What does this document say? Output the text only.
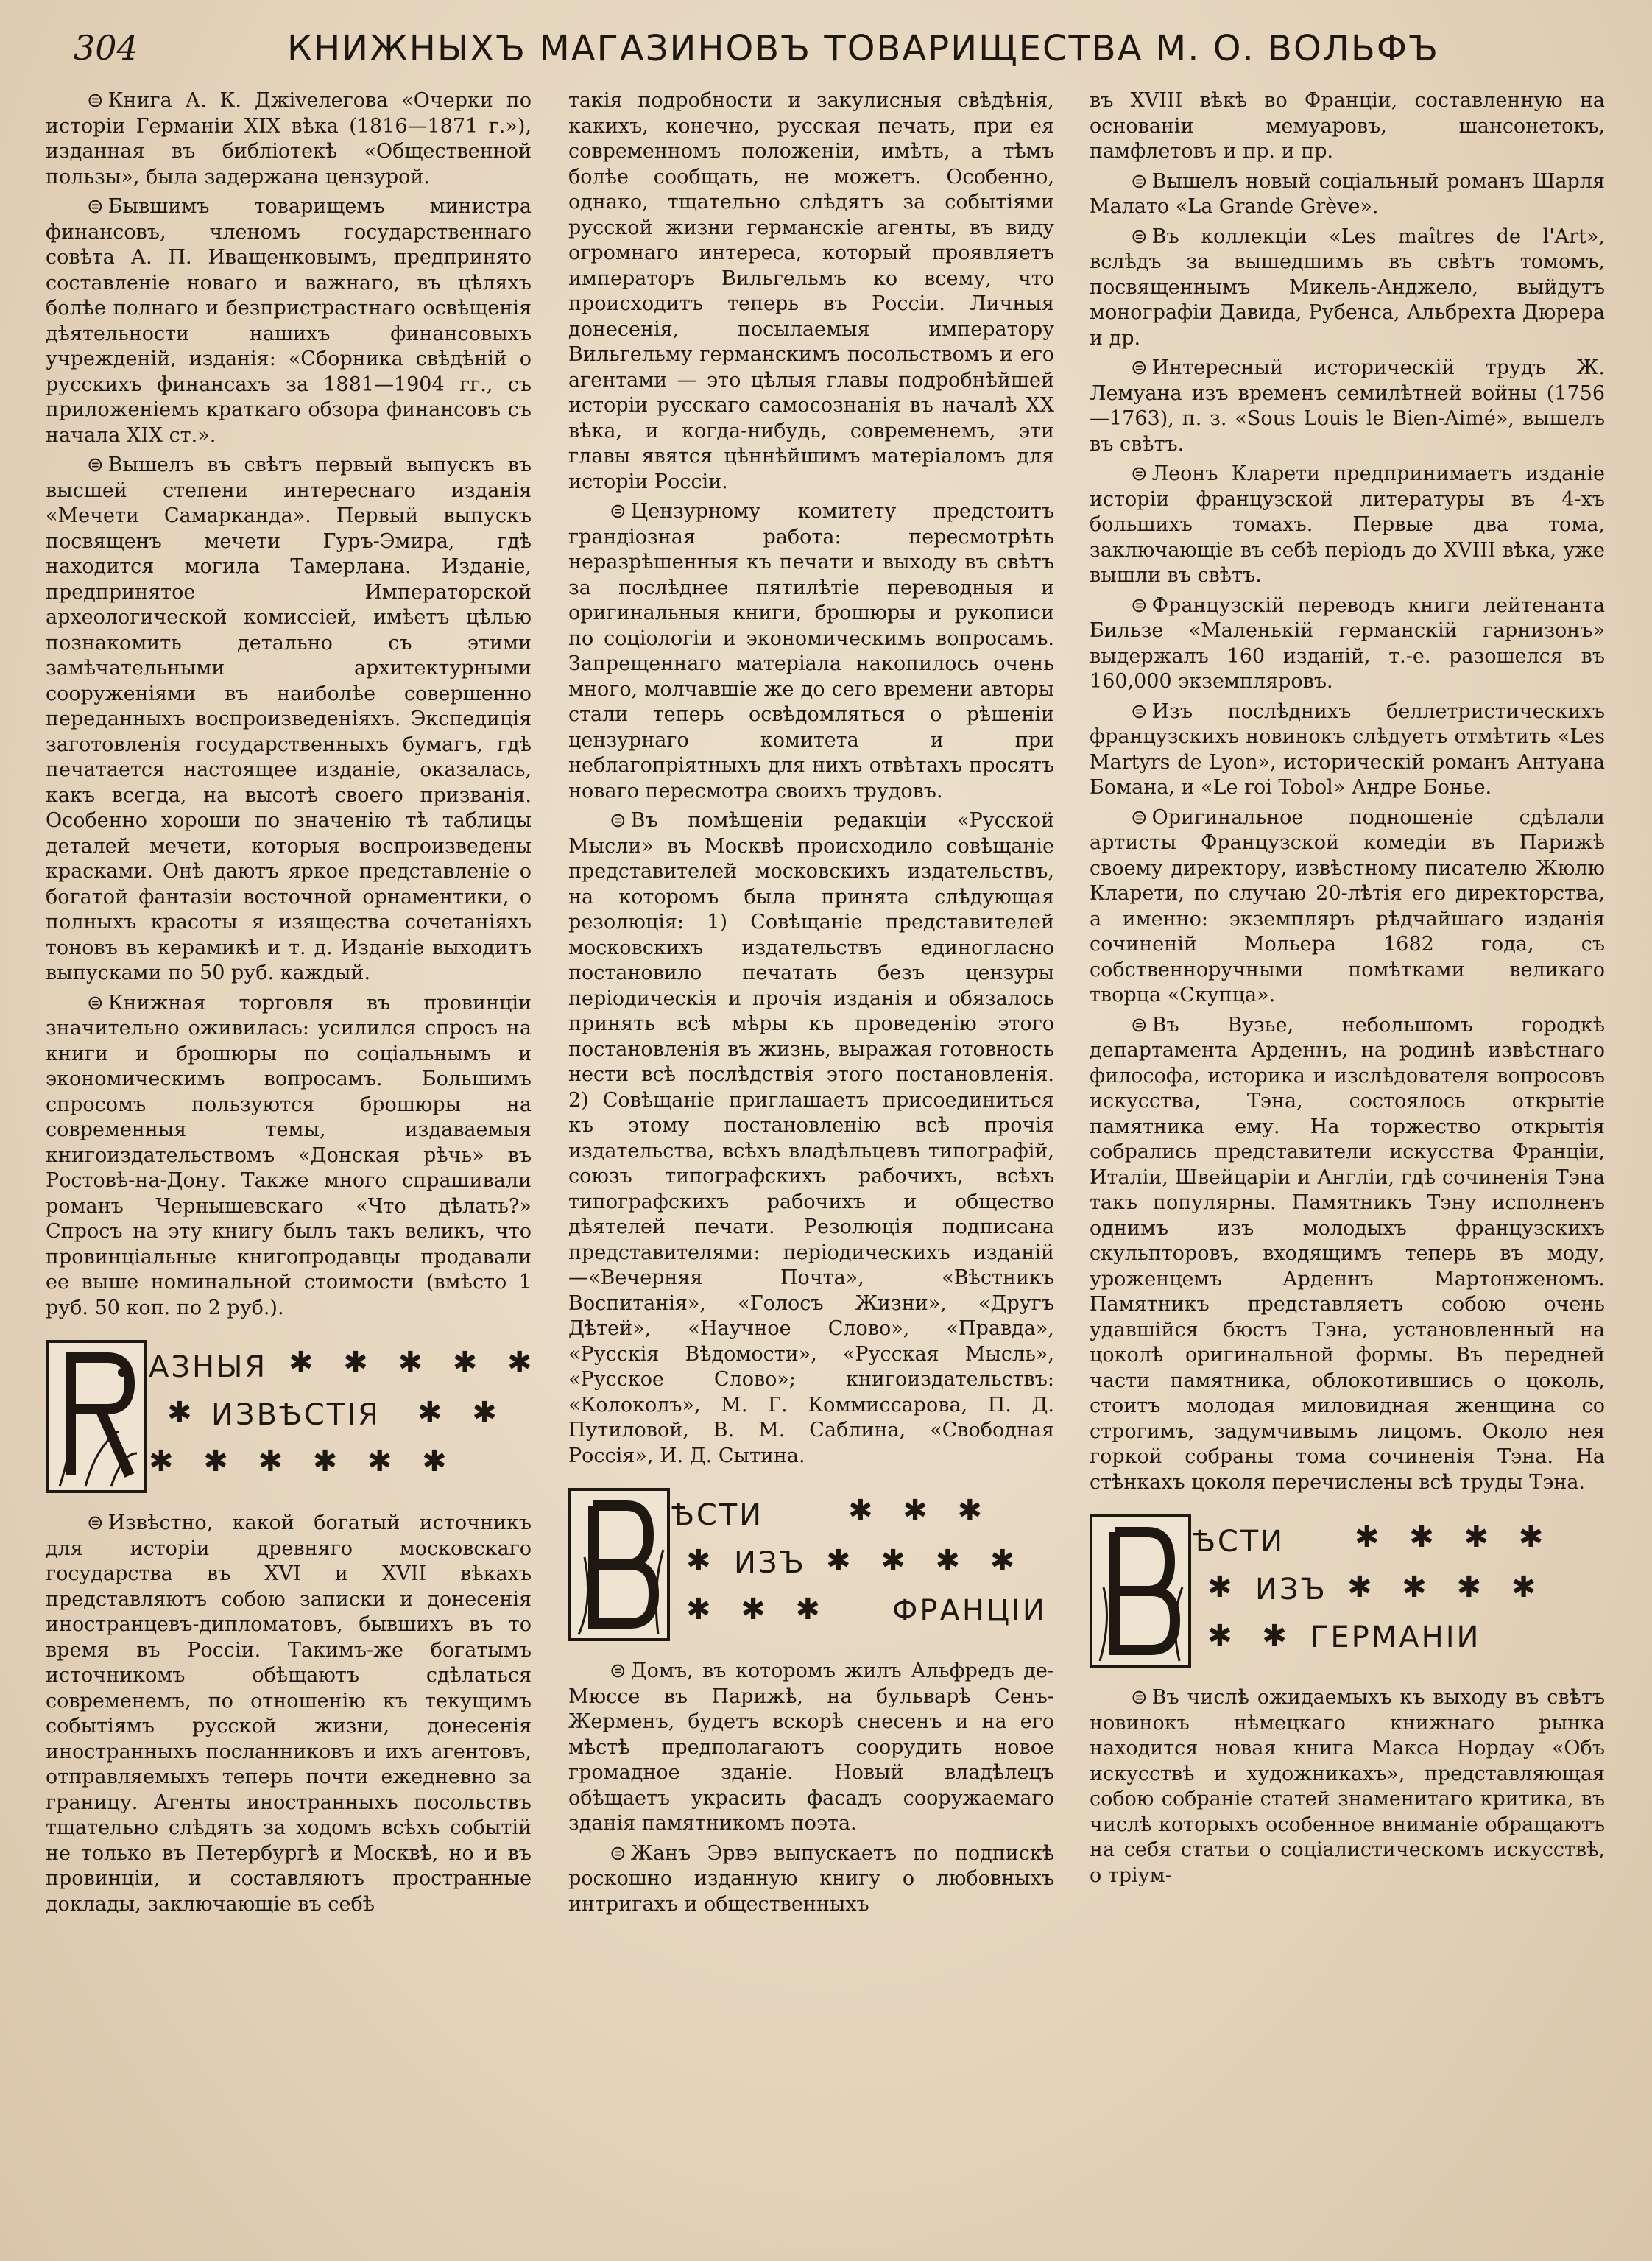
304	КНИЖНЫХЪ МАГАЗИНОВЪ ТОВАРИЩЕСТВА М. О. ВОЛЬФЪ

⊜ Книга А. К. Джivелегова «Очерки по исторіи Германіи XIX вѣка (1816—1871 г.»), изданная въ библіотекѣ «Общественной пользы», была задержана цензурой.

⊜ Бывшимъ товарищемъ министра финансовъ, членомъ государственнаго совѣта А. П. Иващенковымъ, предпринято составленіе новаго и важнаго, въ цѣляхъ болѣе полнаго и безпристрастнаго освѣщенія дѣятельности нашихъ финансовыхъ учрежденій, изданія: «Сборника свѣдѣній о русскихъ финансахъ за 1881—1904 гг., съ приложеніемъ краткаго обзора финансовъ съ начала XIX ст.».

⊜ Вышелъ въ свѣтъ первый выпускъ въ высшей степени интереснаго изданія «Мечети Самарканда». Первый выпускъ посвященъ мечети Гуръ-Эмира, гдѣ находится могила Тамерлана. Изданіе, предпринятое Императорской археологической комиссіей, имѣетъ цѣлью познакомить детально съ этими замѣчательными архитектурными сооруженіями въ наиболѣе совершенно переданныхъ воспроизведеніяхъ. Экспедиція заготовленія государственныхъ бумагъ, гдѣ печатается настоящее изданіе, оказалась, какъ всегда, на высотѣ своего призванія. Особенно хороши по значенію тѣ таблицы деталей мечети, которыя воспроизведены красками. Онѣ даютъ яркое представленіе о богатой фантазіи восточной орнаментики, о полныхъ красоты я изящества сочетаніяхъ тоновъ въ керамикѣ и т. д. Изданіе выходитъ выпусками по 50 руб. каждый.

⊜ Книжная торговля въ провинціи значительно оживилась: усилился спросъ на книги и брошюры по соціальнымъ и экономическимъ вопросамъ. Большимъ спросомъ пользуются брошюры на современныя темы, издаваемыя книгоиздательствомъ «Донская рѣчь» въ Ростовѣ-на-Дону. Также много спрашивали романъ Чернышевскаго «Что дѣлать?» Спросъ на эту книгу былъ такъ великъ, что провинціальные книгопродавцы продавали ее выше номинальной стоимости (вмѣсто 1 руб. 50 коп. по 2 руб.).

АЗНЫЯ ✱ ✱ ✱ ✱ ✱
✱ ИЗВѢСТІЯ ✱ ✱
✱ ✱ ✱ ✱ ✱ ✱

⊜ Извѣстно, какой богатый источникъ для исторіи древняго московскаго государства въ XVI и XVII вѣкахъ представляютъ собою записки и донесенія иностранцевъ-дипломатовъ, бывшихъ въ то время въ Россіи. Такимъ-же богатымъ источникомъ обѣщаютъ сдѣлаться современемъ, по отношенію къ текущимъ событіямъ русской жизни, донесенія иностранныхъ посланниковъ и ихъ агентовъ, отправляемыхъ теперь почти ежедневно за границу. Агенты иностранныхъ посольствъ тщательно слѣдятъ за ходомъ всѣхъ событій не только въ Петербургѣ и Москвѣ, но и въ провинціи, и составляютъ пространные доклады, заключающіе въ себѣ

такія подробности и закулисныя свѣдѣнія, какихъ, конечно, русская печать, при ея современномъ положеніи, имѣть, а тѣмъ болѣе сообщать, не можетъ. Особенно, однако, тщательно слѣдятъ за событіями русской жизни германскіе агенты, въ виду огромнаго интереса, который проявляетъ императоръ Вильгельмъ ко всему, что происходитъ теперь въ Россіи. Личныя донесенія, посылаемыя императору Вильгельму германскимъ посольствомъ и его агентами — это цѣлыя главы подробнѣйшей исторіи русскаго самосознанія въ началѣ XX вѣка, и когда-нибудь, современемъ, эти главы явятся цѣннѣйшимъ матеріаломъ для исторіи Россіи.

⊜ Цензурному комитету предстоитъ грандіозная работа: пересмотрѣть неразрѣшенныя къ печати и выходу въ свѣтъ за послѣднее пятилѣтіе переводныя и оригинальныя книги, брошюры и рукописи по соціологіи и экономическимъ вопросамъ. Запрещеннаго матеріала накопилось очень много, молчавшіе же до сего времени авторы стали теперь освѣдомляться о рѣшеніи цензурнаго комитета и при неблагопріятныхъ для нихъ отвѣтахъ просятъ новаго пересмотра своихъ трудовъ.

⊜ Въ помѣщеніи редакціи «Русской Мысли» въ Москвѣ происходило совѣщаніе представителей московскихъ издательствъ, на которомъ была принята слѣдующая резолюція: 1) Совѣщаніе представителей московскихъ издательствъ единогласно постановило печатать безъ цензуры періодическія и прочія изданія и обязалось принять всѣ мѣры къ проведенію этого постановленія въ жизнь, выражая готовность нести всѣ послѣдствія этого постановленія. 2) Совѣщаніе приглашаетъ присоединиться къ этому постановленію всѣ прочія издательства, всѣхъ владѣльцевъ типографій, союзъ типографскихъ рабочихъ, всѣхъ типографскихъ рабочихъ и общество дѣятелей печати. Резолюція подписана представителями: періодическихъ изданій—«Вечерняя Почта», «Вѣстникъ Воспитанія», «Голосъ Жизни», «Другъ Дѣтей», «Научное Слово», «Правда», «Русскія Вѣдомости», «Русская Мысль», «Русское Слово»; книгоиздательствъ: «Колоколъ», М. Г. Коммиссарова, П. Д. Путиловой, В. М. Саблина, «Свободная Россія», И. Д. Сытина.

ѢСТИ	✱ ✱ ✱
✱ ИЗЪ ✱ ✱ ✱ ✱
✱ ✱ ✱ ФРАНЦІИ

⊜ Домъ, въ которомъ жилъ Альфредъ де-Мюссе въ Парижѣ, на бульварѣ Сенъ-Жерменъ, будетъ вскорѣ снесенъ и на его мѣстѣ предполагаютъ соорудить новое громадное зданіе. Новый владѣлецъ обѣщаетъ украсить фасадъ сооружаемаго зданія памятникомъ поэта.

⊜ Жанъ Эрвэ выпускаетъ по подпискѣ роскошно изданную книгу о любовныхъ интригахъ и общественныхъ

въ XVIII вѣкѣ во Франціи, составленную на основаніи мемуаровъ, шансонетокъ, памфлетовъ и пр. и пр.

⊜ Вышелъ новый соціальный романъ Шарля Малато «La Grande Grève».

⊜ Въ коллекціи «Les maîtres de l'Art», вслѣдъ за вышедшимъ въ свѣтъ томомъ, посвященнымъ Микель-Анджело, выйдутъ монографіи Давида, Рубенса, Альбрехта Дюрера и др.

⊜ Интересный историческій трудъ Ж. Лемуана изъ временъ семилѣтней войны (1756—1763), п. з. «Sous Louis le Bien-Aimé», вышелъ въ свѣтъ.

⊜ Леонъ Кларети предпринимаетъ изданіе исторіи французской литературы въ 4-хъ большихъ томахъ. Первые два тома, заключающіе въ себѣ періодъ до XVIII вѣка, уже вышли въ свѣтъ.

⊜ Французскій переводъ книги лейтенанта Бильзе «Маленькій германскій гарнизонъ» выдержалъ 160 изданій, т.-е. разошелся въ 160,000 экземпляровъ.

⊜ Изъ послѣднихъ беллетристическихъ французскихъ новинокъ слѣдуетъ отмѣтить «Les Martyrs de Lyon», историческій романъ Антуана Бомана, и «Le roi Tobol» Андре Бонье.

⊜ Оригинальное подношеніе сдѣлали артисты Французской комедіи въ Парижѣ своему директору, извѣстному писателю Жюлю Кларети, по случаю 20-лѣтія его директорства, а именно: экземпляръ рѣдчайшаго изданія сочиненій Мольера 1682 года, съ собственноручными помѣтками великаго творца «Скупца».

⊜ Въ Вузье, небольшомъ городкѣ департамента Арденнъ, на родинѣ извѣстнаго философа, историка и изслѣдователя вопросовъ искусства, Тэна, состоялось открытіе памятника ему. На торжество открытія собрались представители искусства Франціи, Италіи, Швейцаріи и Англіи, гдѣ сочиненія Тэна такъ популярны. Памятникъ Тэну исполненъ однимъ изъ молодыхъ французскихъ скульпторовъ, входящимъ теперь въ моду, уроженцемъ Арденнъ Мартонженомъ. Памятникъ представляетъ собою очень удавшійся бюстъ Тэна, установленный на цоколѣ оригинальной формы. Въ передней части памятника, облокотившись о цоколь, стоитъ молодая миловидная женщина со строгимъ, задумчивымъ лицомъ. Около нея горкой собраны тома сочиненія Тэна. На стѣнкахъ цоколя перечислены всѣ труды Тэна.

ѢСТИ ✱ ✱ ✱ ✱
✱ ИЗЪ ✱ ✱ ✱ ✱
✱ ✱ ГЕРМАНІИ

⊜ Въ числѣ ожидаемыхъ къ выходу въ свѣтъ новинокъ нѣмецкаго книжнаго рынка находится новая книга Макса Нордау «Объ искусствѣ и художникахъ», представляющая собою собраніе статей знаменитаго критика, въ числѣ которыхъ особенное вниманіе обращаютъ на себя статьи о соціалистическомъ искусствѣ, о тріум-
